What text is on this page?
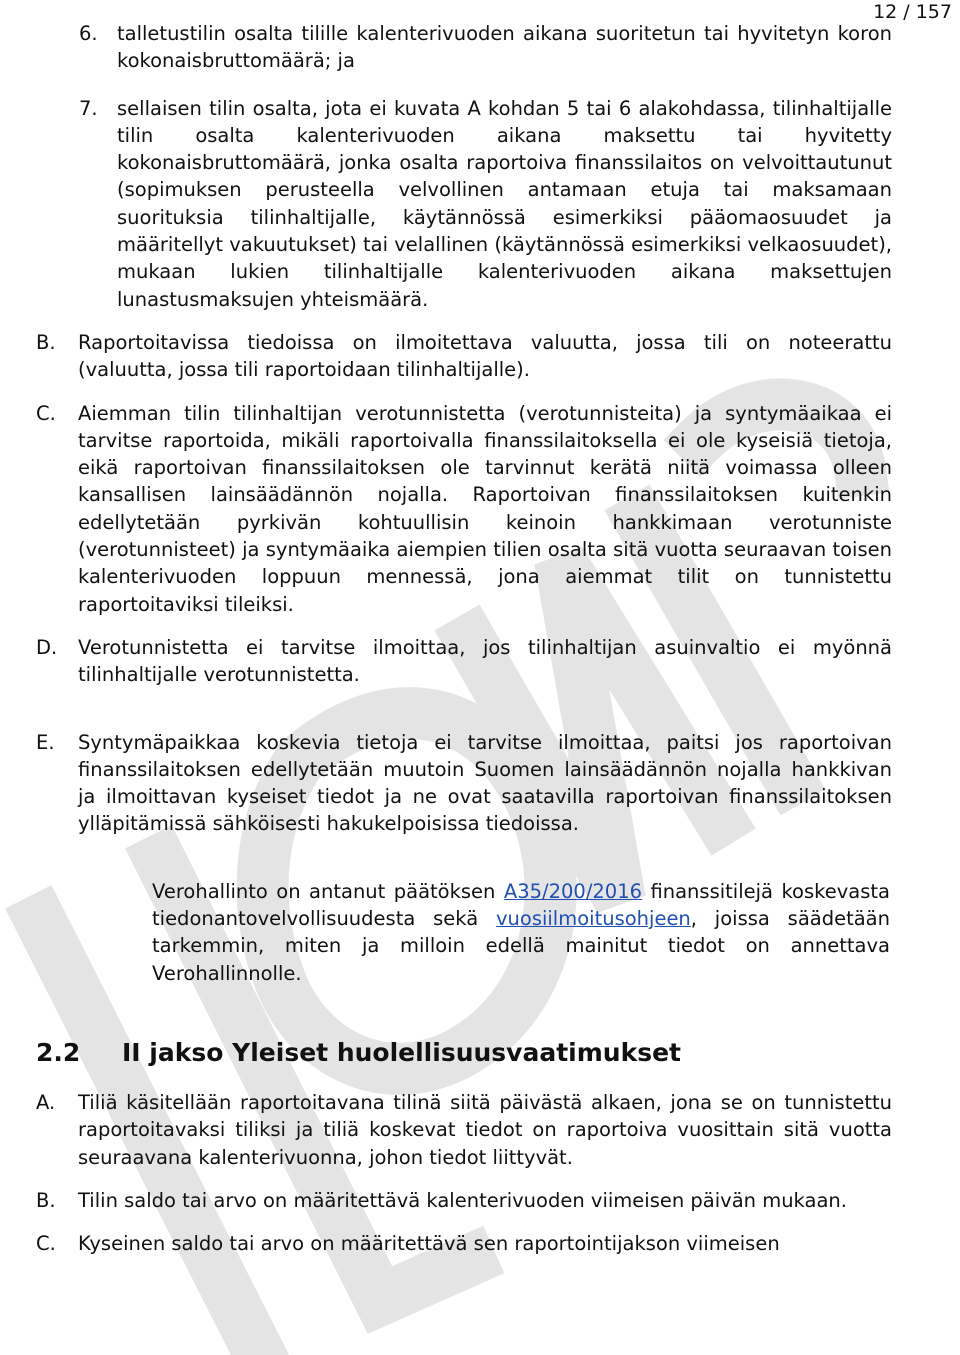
12 / 157
6. talletustilin osalta tilille kalenterivuoden aikana suoritetun tai hyvitetyn koron kokonaisbruttomäärä; ja
7. sellaisen tilin osalta, jota ei kuvata A kohdan 5 tai 6 alakohdassa, tilinhaltijalle tilin osalta kalenterivuoden aikana maksettu tai hyvitetty kokonaisbruttomäärä, jonka osalta raportoiva finanssilaitos on velvoittautunut (sopimuksen perusteella velvollinen antamaan etuja tai maksamaan suorituksia tilinhaltijalle, käytännössä esimerkiksi pääomaosuudet ja määritellyt vakuutukset) tai velallinen (käytännössä esimerkiksi velkaosuudet), mukaan lukien tilinhaltijalle kalenterivuoden aikana maksettujen lunastusmaksujen yhteismäärä.
B. Raportoitavissa tiedoissa on ilmoitettava valuutta, jossa tili on noteerattu (valuutta, jossa tili raportoidaan tilinhaltijalle).
C. Aiemman tilin tilinhaltijan verotunnistetta (verotunnisteita) ja syntymäaikaa ei tarvitse raportoida, mikäli raportoivalla finanssilaitoksella ei ole kyseisiä tietoja, eikä raportoivan finanssilaitoksen ole tarvinnut kerätä niitä voimassa olleen kansallisen lainsäädännön nojalla. Raportoivan finanssilaitoksen kuitenkin edellytetään pyrkivän kohtuullisin keinoin hankkimaan verotunniste (verotunnisteet) ja syntymäaika aiempien tilien osalta sitä vuotta seuraavan toisen kalenterivuoden loppuun mennessä, jona aiemmat tilit on tunnistettu raportoitaviksi tileiksi.
D. Verotunnistetta ei tarvitse ilmoittaa, jos tilinhaltijan asuinvaltio ei myönnä tilinhaltijalle verotunnistetta.
E. Syntymäpaikkaa koskevia tietoja ei tarvitse ilmoittaa, paitsi jos raportoivan finanssilaitoksen edellytetään muutoin Suomen lainsäädännön nojalla hankkivan ja ilmoittavan kyseiset tiedot ja ne ovat saatavilla raportoivan finanssilaitoksen ylläpitämissä sähköisesti hakukelpoisissa tiedoissa.

Verohallinto on antanut päätöksen A35/200/2016 finanssitilejä koskevasta tiedonantovelvollisuudesta sekä vuosiilmoitusohjeen, joissa säädetään tarkemmin, miten ja milloin edellä mainitut tiedot on annettava Verohallinnolle.

2.2 II jakso Yleiset huolellisuusvaatimukset
A. Tiliä käsitellään raportoitavana tilinä siitä päivästä alkaen, jona se on tunnistettu raportoitavaksi tiliksi ja tiliä koskevat tiedot on raportoiva vuosittain sitä vuotta seuraavana kalenterivuonna, johon tiedot liittyvät.
B. Tilin saldo tai arvo on määritettävä kalenterivuoden viimeisen päivän mukaan.
C. Kyseinen saldo tai arvo on määritettävä sen raportointijakson viimeisen
